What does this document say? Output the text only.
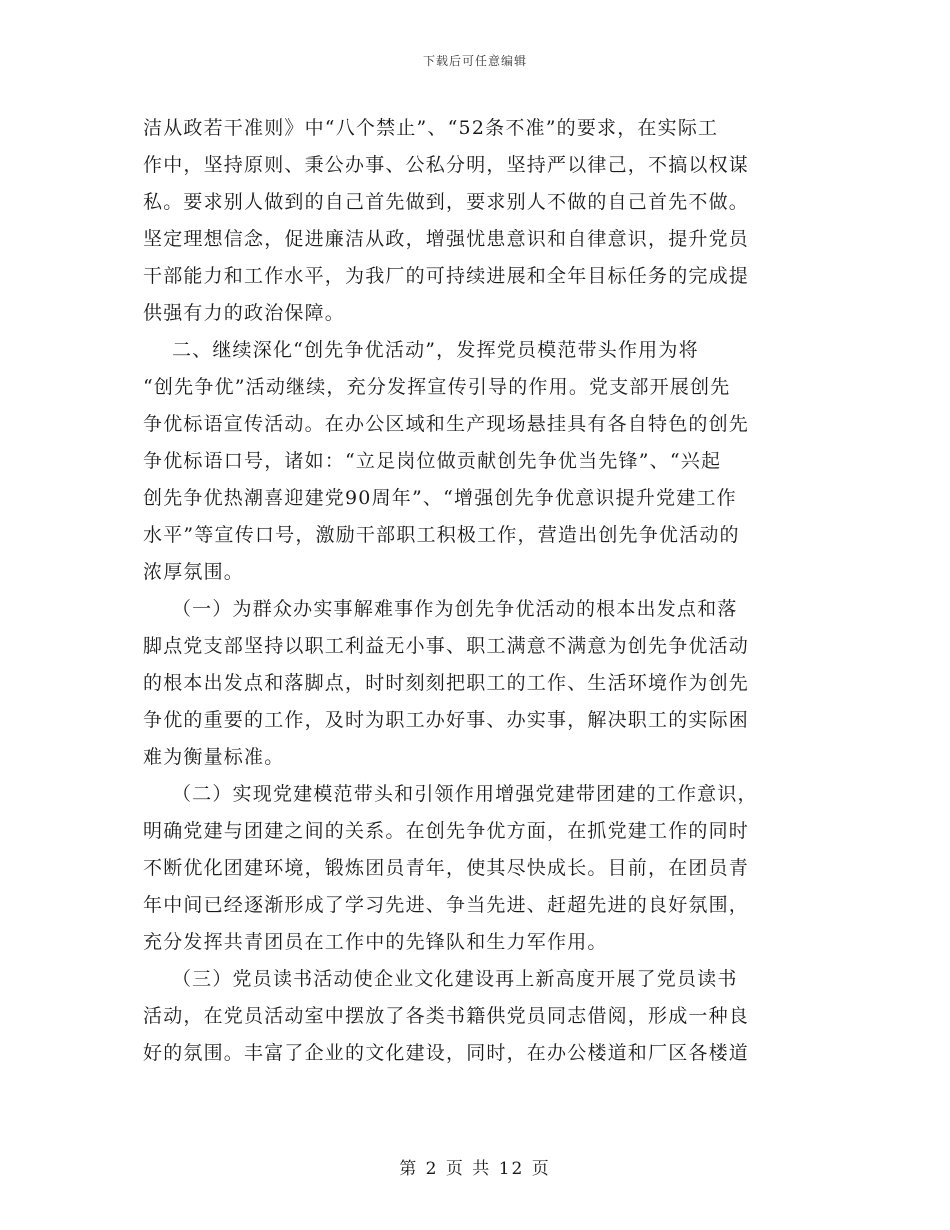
下载后可任意编辑

洁从政若干准则》中“八个禁止”、“52条不准”的要求，在实际工
作中，坚持原则、秉公办事、公私分明，坚持严以律己，不搞以权谋
私。要求别人做到的自己首先做到，要求别人不做的自己首先不做。
坚定理想信念，促进廉洁从政，增强忧患意识和自律意识，提升党员
干部能力和工作水平，为我厂的可持续进展和全年目标任务的完成提
供强有力的政治保障。

二、继续深化“创先争优活动”，发挥党员模范带头作用为将
“创先争优”活动继续，充分发挥宣传引导的作用。党支部开展创先
争优标语宣传活动。在办公区域和生产现场悬挂具有各自特色的创先
争优标语口号，诸如：“立足岗位做贡献创先争优当先锋”、“兴起
创先争优热潮喜迎建党90周年”、“增强创先争优意识提升党建工作
水平”等宣传口号，激励干部职工积极工作，营造出创先争优活动的
浓厚氛围。

（一）为群众办实事解难事作为创先争优活动的根本出发点和落
脚点党支部坚持以职工利益无小事、职工满意不满意为创先争优活动
的根本出发点和落脚点，时时刻刻把职工的工作、生活环境作为创先
争优的重要的工作，及时为职工办好事、办实事，解决职工的实际困
难为衡量标准。

（二）实现党建模范带头和引领作用增强党建带团建的工作意识，
明确党建与团建之间的关系。在创先争优方面，在抓党建工作的同时
不断优化团建环境，锻炼团员青年，使其尽快成长。目前，在团员青
年中间已经逐渐形成了学习先进、争当先进、赶超先进的良好氛围，
充分发挥共青团员在工作中的先锋队和生力军作用。

（三）党员读书活动使企业文化建设再上新高度开展了党员读书
活动，在党员活动室中摆放了各类书籍供党员同志借阅，形成一种良
好的氛围。丰富了企业的文化建设，同时，在办公楼道和厂区各楼道

第 2 页 共 12 页
